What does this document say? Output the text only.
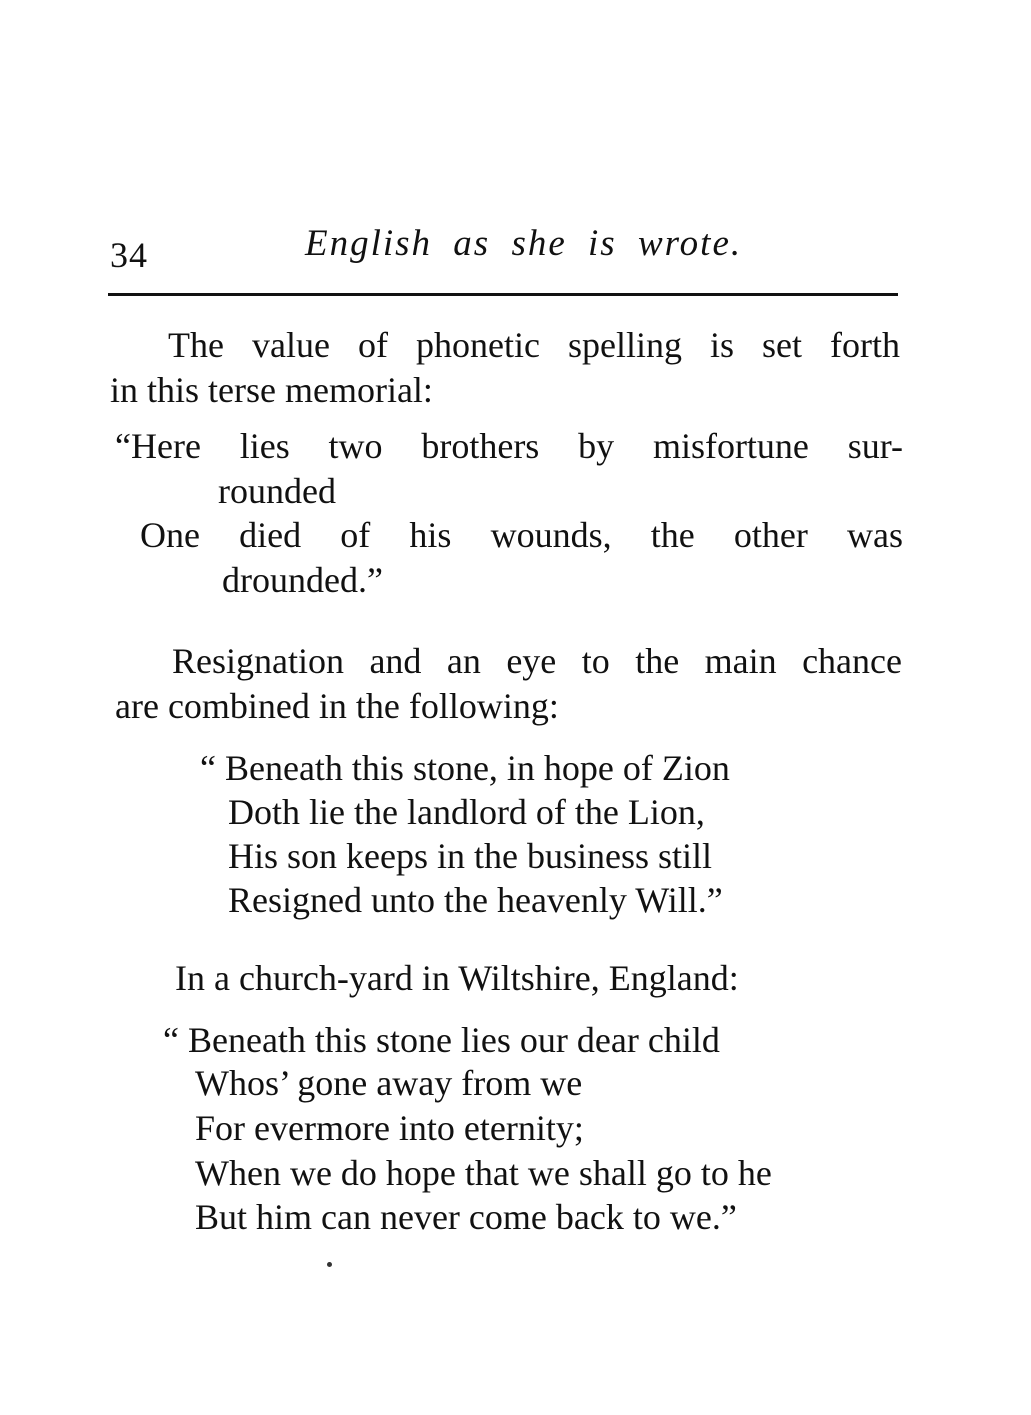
34	English as she is wrote.
The value of phonetic spelling is set forth
in this terse memorial:
“Here lies two brothers by misfortune sur-
rounded
One died of his wounds, the other was
drounded.”
Resignation and an eye to the main chance
are combined in the following:
“ Beneath this stone, in hope of Zion
Doth lie the landlord of the Lion,
His son keeps in the business still
Resigned unto the heavenly Will.”
In a church-yard in Wiltshire, England:
“ Beneath this stone lies our dear child
Whos’ gone away from we
For evermore into eternity;
When we do hope that we shall go to he
But him can never come back to we.”
